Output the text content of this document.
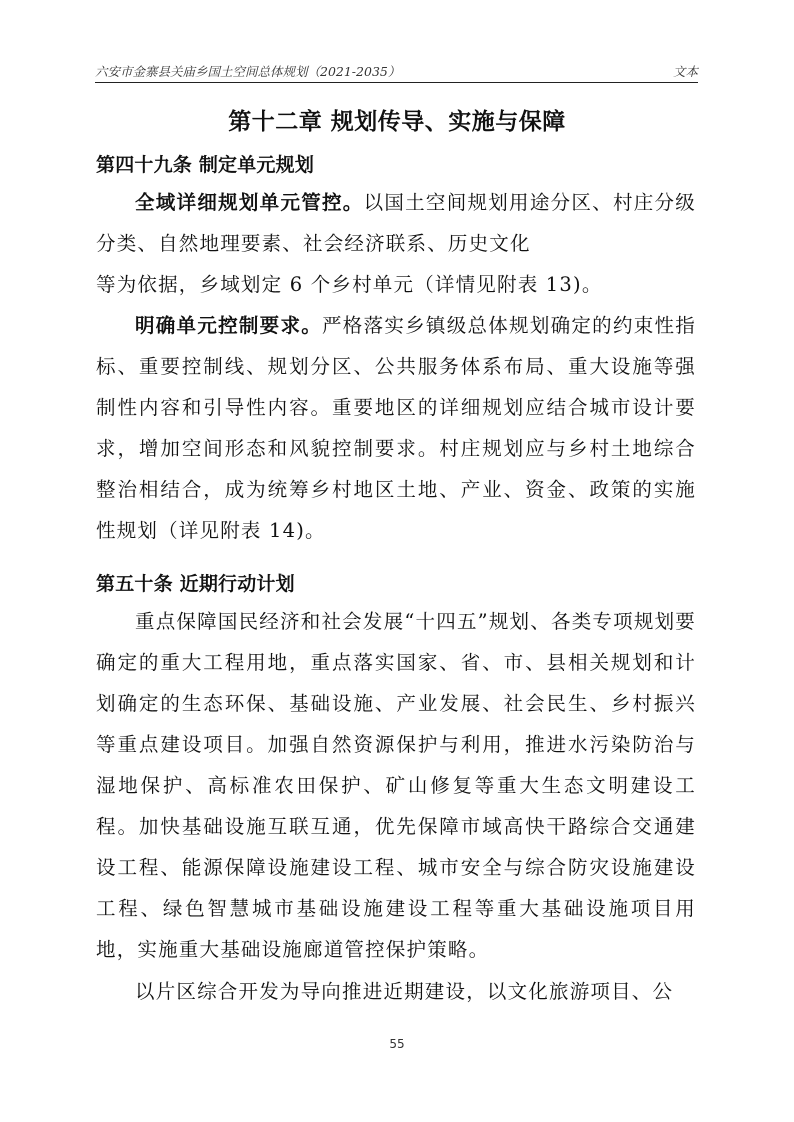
六安市金寨县关庙乡国土空间总体规划（2021-2035）	文本
第十二章 规划传导、实施与保障
第四十九条 制定单元规划

全域详细规划单元管控。以国土空间规划用途分区、村庄分级分类、自然地理要素、社会经济联系、历史文化
等为依据，乡域划定 6 个乡村单元（详情见附表 13)。

明确单元控制要求。严格落实乡镇级总体规划确定的约束性指标、重要控制线、规划分区、公共服务体系布局、重大设施等强制性内容和引导性内容。重要地区的详细规划应结合城市设计要求，增加空间形态和风貌控制要求。村庄规划应与乡村土地综合整治相结合，成为统筹乡村地区土地、产业、资金、政策的实施性规划（详见附表 14)。

第五十条 近期行动计划

重点保障国民经济和社会发展“十四五”规划、各类专项规划要确定的重大工程用地，重点落实国家、省、市、县相关规划和计划确定的生态环保、基础设施、产业发展、社会民生、乡村振兴等重点建设项目。加强自然资源保护与利用，推进水污染防治与湿地保护、高标准农田保护、矿山修复等重大生态文明建设工程。加快基础设施互联互通，优先保障市域高快干路综合交通建设工程、能源保障设施建设工程、城市安全与综合防灾设施建设工程、绿色智慧城市基础设施建设工程等重大基础设施项目用地，实施重大基础设施廊道管控保护策略。

以片区综合开发为导向推进近期建设，以文化旅游项目、公

55
